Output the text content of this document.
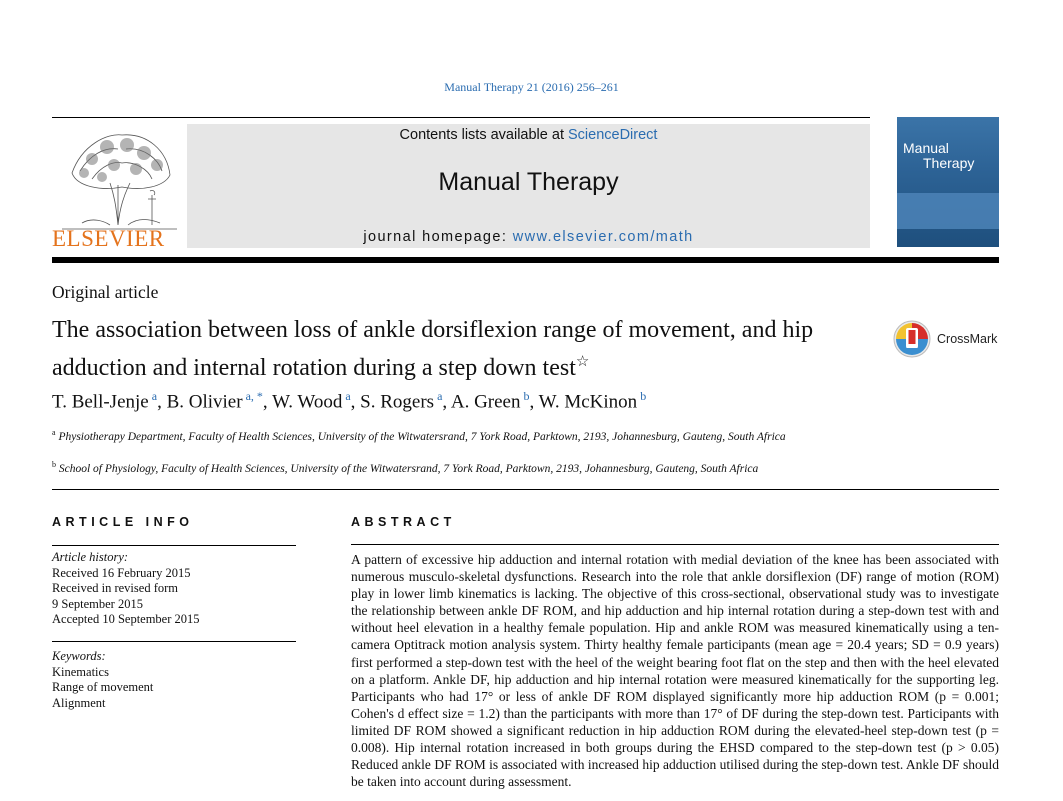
Manual Therapy 21 (2016) 256–261
ELSEVIER
Contents lists available at ScienceDirect
Manual Therapy
journal homepage: www.elsevier.com/math
Manual
Therapy
Original article
The association between loss of ankle dorsiflexion range of movement, and hip adduction and internal rotation during a step down test☆
CrossMark
T. Bell-Jenje $^a$, B. Olivier $^{a, *}$, W. Wood $^a$, S. Rogers $^a$, A. Green $^b$, W. McKinon $^b$
$^a$ Physiotherapy Department, Faculty of Health Sciences, University of the Witwatersrand, 7 York Road, Parktown, 2193, Johannesburg, Gauteng, South Africa
$^b$ School of Physiology, Faculty of Health Sciences, University of the Witwatersrand, 7 York Road, Parktown, 2193, Johannesburg, Gauteng, South Africa
ARTICLE INFO	ABSTRACT
Article history:
Received 16 February 2015
Received in revised form
9 September 2015
Accepted 10 September 2015
Keywords:
Kinematics
Range of movement
Alignment
A pattern of excessive hip adduction and internal rotation with medial deviation of the knee has been associated with numerous musculo-skeletal dysfunctions. Research into the role that ankle dorsiflexion (DF) range of motion (ROM) play in lower limb kinematics is lacking. The objective of this cross-sectional, observational study was to investigate the relationship between ankle DF ROM, and hip adduction and hip internal rotation during a step-down test with and without heel elevation in a healthy female population. Hip and ankle ROM was measured kinematically using a ten-camera Optitrack motion analysis system. Thirty healthy female participants (mean age = 20.4 years; SD = 0.9 years) first performed a step-down test with the heel of the weight bearing foot flat on the step and then with the heel elevated on a platform. Ankle DF, hip adduction and hip internal rotation were measured kinematically for the supporting leg. Participants who had 17° or less of ankle DF ROM displayed significantly more hip adduction ROM (p = 0.001; Cohen's d effect size = 1.2) than the participants with more than 17° of DF during the step-down test. Participants with limited DF ROM showed a significant reduction in hip adduction ROM during the elevated-heel step-down test (p = 0.008). Hip internal rotation increased in both groups during the EHSD compared to the step-down test (p > 0.05) Reduced ankle DF ROM is associated with increased hip adduction utilised during the step-down test. Ankle DF should be taken into account during assessment.
